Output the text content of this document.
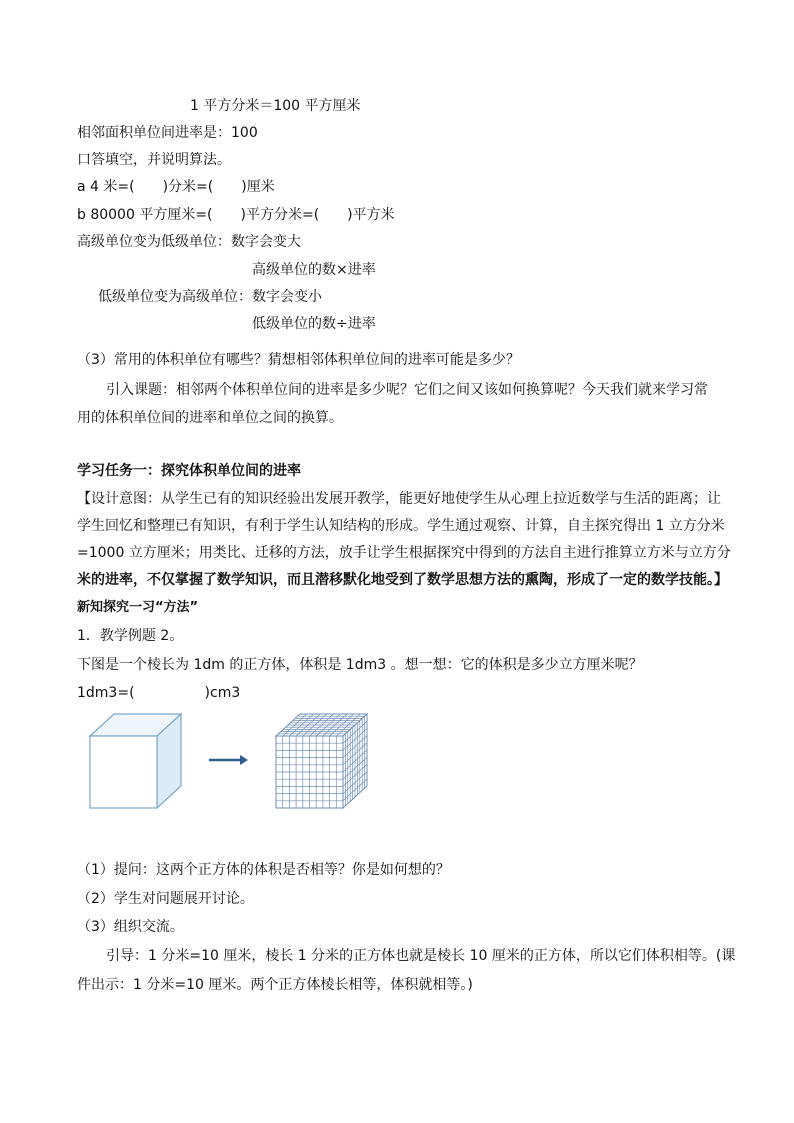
1 平方分米＝100 平方厘米
相邻面积单位间进率是：100
口答填空，并说明算法。
a 4 米=(　　)分米=(　　)厘米
b 80000 平方厘米=(　　)平方分米=(　　)平方米
高级单位变为低级单位：数字会变大
高级单位的数×进率
低级单位变为高级单位：数字会变小
低级单位的数÷进率
（3）常用的体积单位有哪些？猜想相邻体积单位间的进率可能是多少？
引入课题：相邻两个体积单位间的进率是多少呢？它们之间又该如何换算呢？今天我们就来学习常
用的体积单位间的进率和单位之间的换算。
学习任务一：探究体积单位间的进率
【设计意图：从学生已有的知识经验出发展开教学，能更好地使学生从心理上拉近数学与生活的距离；让
学生回忆和整理已有知识，有利于学生认知结构的形成。学生通过观察、计算，自主探究得出 1 立方分米
=1000 立方厘米；用类比、迁移的方法，放手让学生根据探究中得到的方法自主进行推算立方米与立方分
米的进率，不仅掌握了数学知识，而且潜移默化地受到了数学思想方法的熏陶，形成了一定的数学技能。】
新知探究一习“方法”
1．教学例题 2。
下图是一个棱长为 1dm 的正方体，体积是 1dm3 。想一想：它的体积是多少立方厘米呢？
1dm3=(　　　　　)cm3
（1）提问：这两个正方体的体积是否相等？你是如何想的？
（2）学生对问题展开讨论。
（3）组织交流。
引导：1 分米=10 厘米，棱长 1 分米的正方体也就是棱长 10 厘米的正方体，所以它们体积相等。(课
件出示：1 分米=10 厘米。两个正方体棱长相等，体积就相等。)
